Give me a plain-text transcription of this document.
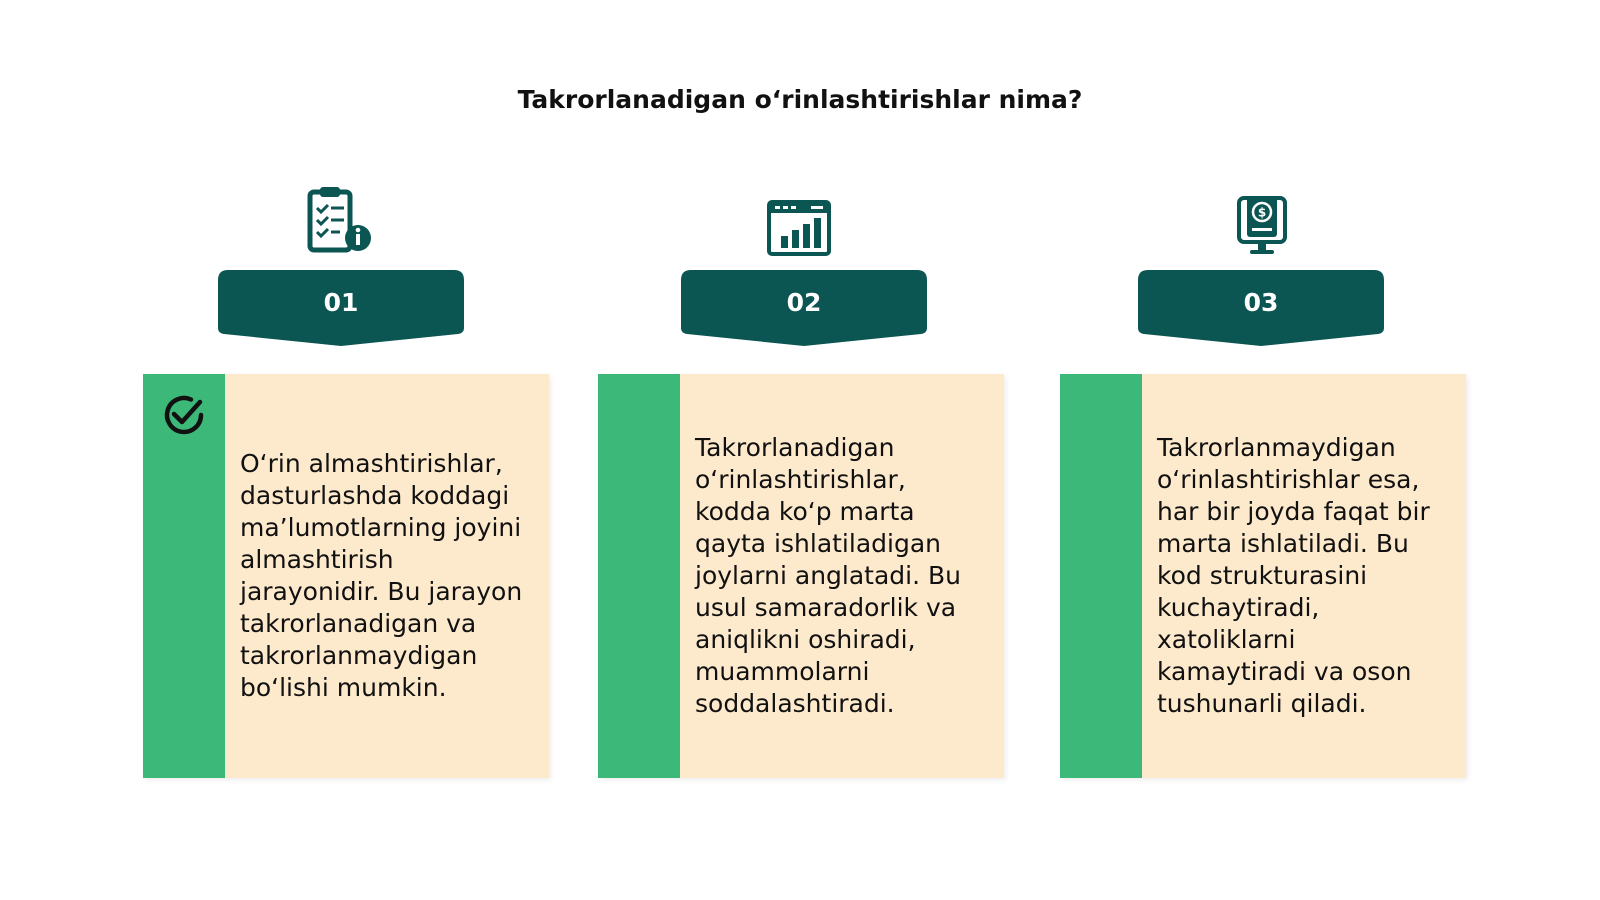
Takrorlanadigan o‘rinlashtirishlar nima?
01

O‘rin almashtirishlar, dasturlashda koddagi ma’lumotlarning joyini almashtirish jarayonidir. Bu jarayon takrorlanadigan va takrorlanmaydigan bo‘lishi mumkin.

02

Takrorlanadigan o‘rinlashtirishlar, kodda ko‘p marta qayta ishlatiladigan joylarni anglatadi. Bu usul samaradorlik va aniqlikni oshiradi, muammolarni soddalashtiradi.

$
03

Takrorlanmaydigan o‘rinlashtirishlar esa, har bir joyda faqat bir marta ishlatiladi. Bu kod strukturasini kuchaytiradi, xatoliklarni kamaytiradi va oson tushunarli qiladi.
